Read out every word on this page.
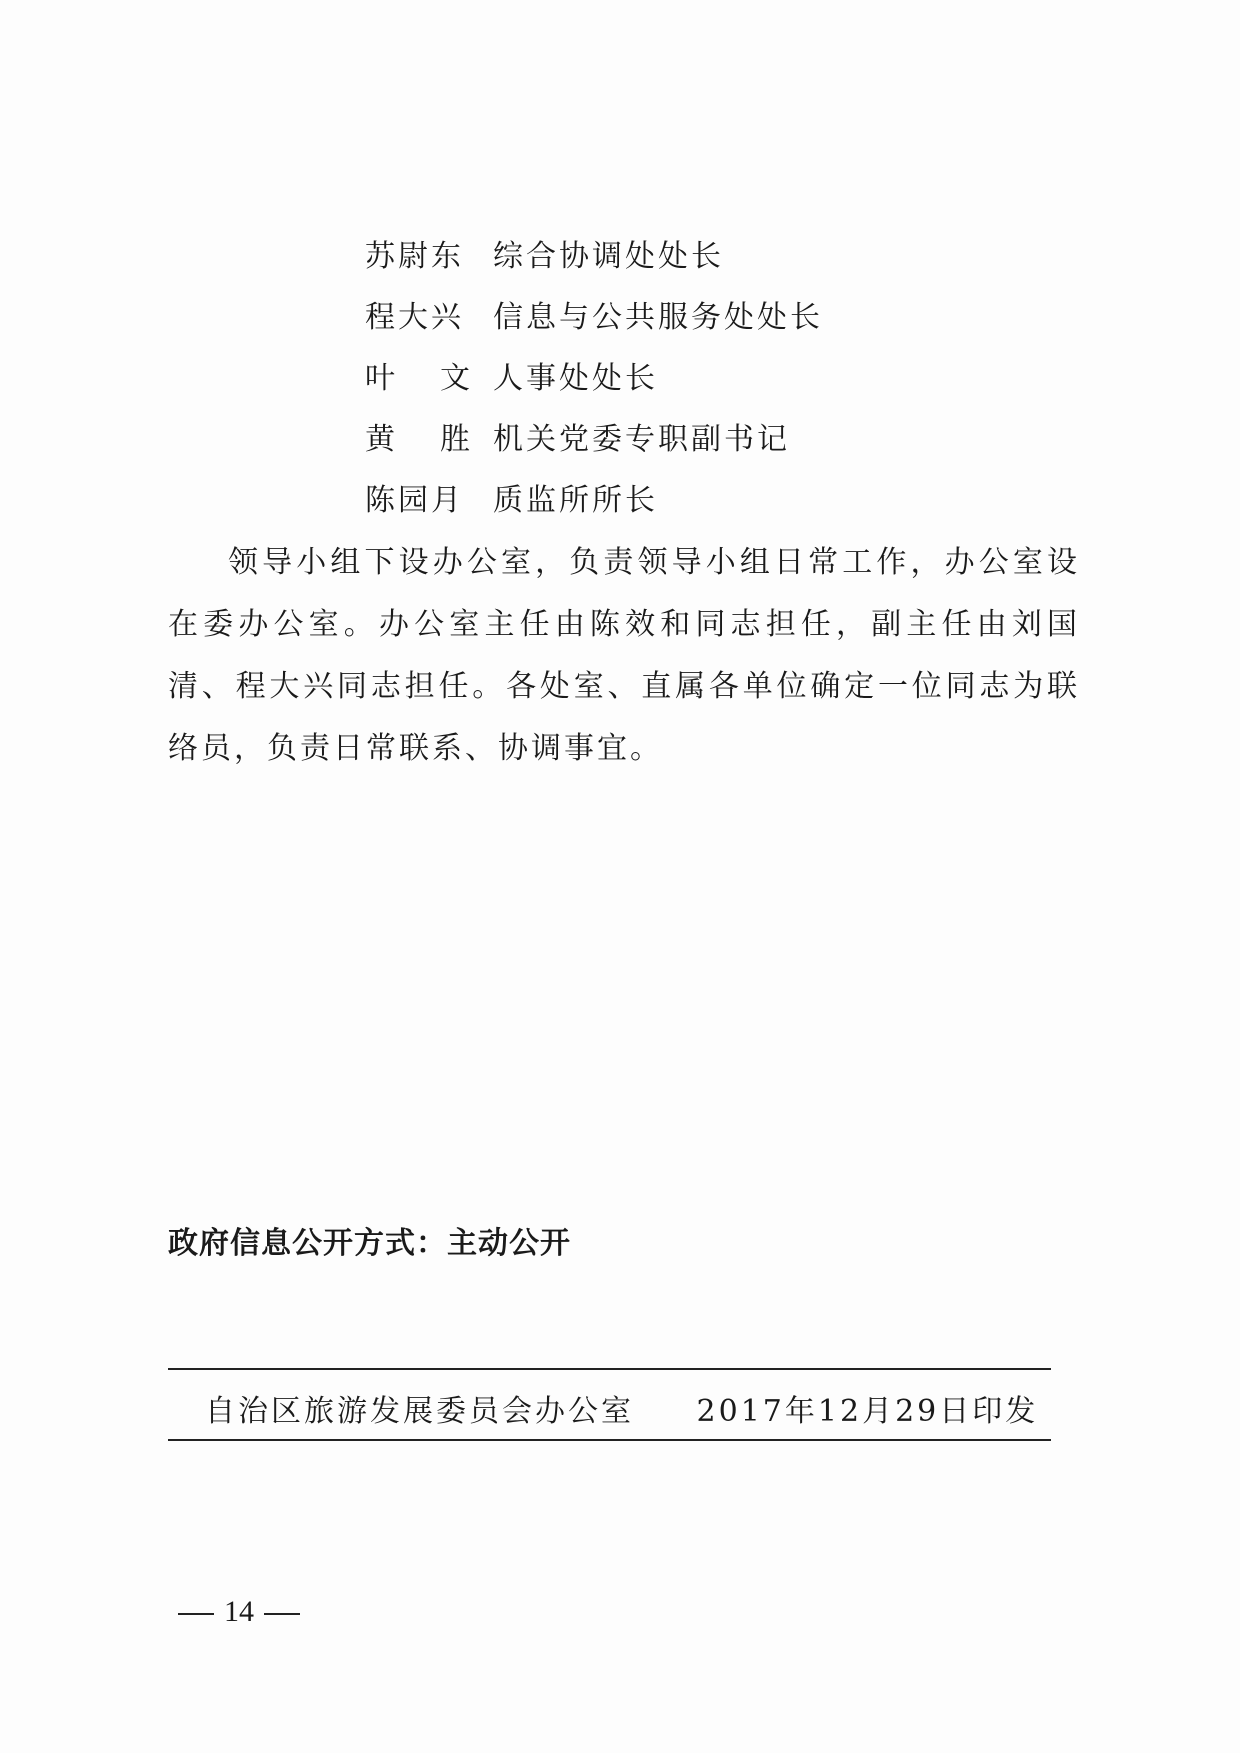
苏尉东 综合协调处处长
程大兴 信息与公共服务处处长
叶文
人事处处长
黄胜
机关党委专职副书记
陈园月 质监所所长
领导小组下设办公室，负责领导小组日常工作，办公室设在委办公室。办公室主任由陈效和同志担任，副主任由刘国清、程大兴同志担任。各处室、直属各单位确定一位同志为联络员，负责日常联系、协调事宜。
政府信息公开方式：主动公开
自治区旅游发展委员会办公室 2017年12月29日印发
14
